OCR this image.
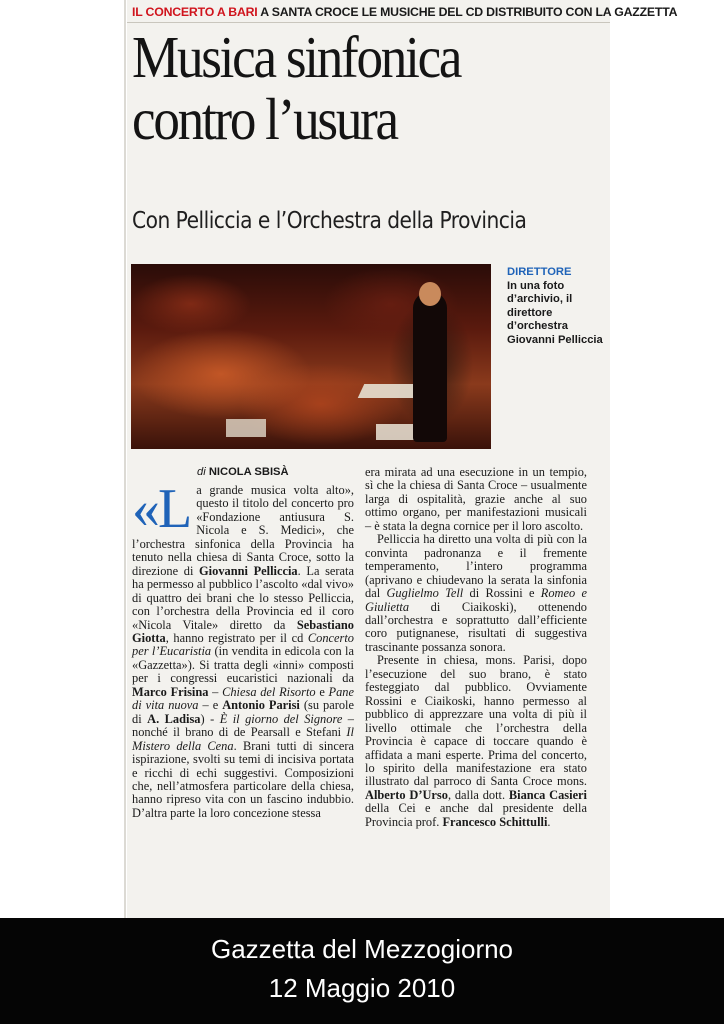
IL CONCERTO A BARI A SANTA CROCE LE MUSICHE DEL CD DISTRIBUITO CON LA GAZZETTA
Musica sinfonica
contro l’usura
Con Pelliccia e l’Orchestra della Provincia
DIRETTORE
In una foto d’archivio, il direttore d’orchestra Giovanni Pelliccia
di NICOLA SBISÀ

«La grande musica volta alto», questo il titolo del concerto pro «Fondazione antiusura S. Nicola e S. Medici», che l’orchestra sinfonica della Provincia ha tenuto nella chiesa di Santa Croce, sotto la direzione di Giovanni Pelliccia. La serata ha permesso al pubblico l’ascolto «dal vivo» di quattro dei brani che lo stesso Pelliccia, con l’orchestra della Provincia ed il coro «Nicola Vitale» diretto da Sebastiano Giotta, hanno registrato per il cd Concerto per l’Eucaristia (in vendita in edicola con la «Gazzetta»). Si tratta degli «inni» composti per i congressi eucaristici nazionali da Marco Frisina – Chiesa del Risorto e Pane di vita nuova – e Antonio Parisi (su parole di A. Ladisa) - È il giorno del Signore – nonché il brano di de Pearsall e Stefani Il Mistero della Cena. Brani tutti di sincera ispirazione, svolti su temi di incisiva portata e ricchi di echi suggestivi. Composizioni che, nell’atmosfera particolare della chiesa, hanno ripreso vita con un fascino indubbio. D’altra parte la loro concezione stessa

era mirata ad una esecuzione in un tempio, sì che la chiesa di Santa Croce – usualmente larga di ospitalità, grazie anche al suo ottimo organo, per manifestazioni musicali – è stata la degna cornice per il loro ascolto.

Pelliccia ha diretto una volta di più con la convinta padronanza e il fremente temperamento, l’intero programma (aprivano e chiudevano la serata la sinfonia dal Guglielmo Tell di Rossini e Romeo e Giulietta di Ciaikoski), ottenendo dall’orchestra e soprattutto dall’efficiente coro putignanese, risultati di suggestiva trascinante possanza sonora.

Presente in chiesa, mons. Parisi, dopo l’esecuzione del suo brano, è stato festeggiato dal pubblico. Ovviamente Rossini e Ciaikoski, hanno permesso al pubblico di apprezzare una volta di più il livello ottimale che l’orchestra della Provincia è capace di toccare quando è affidata a mani esperte. Prima del concerto, lo spirito della manifestazione era stato illustrato dal parroco di Santa Croce mons. Alberto D’Urso, dalla dott. Bianca Casieri della Cei e anche dal presidente della Provincia prof. Francesco Schittulli.

Gazzetta del Mezzogiorno
12 Maggio 2010
